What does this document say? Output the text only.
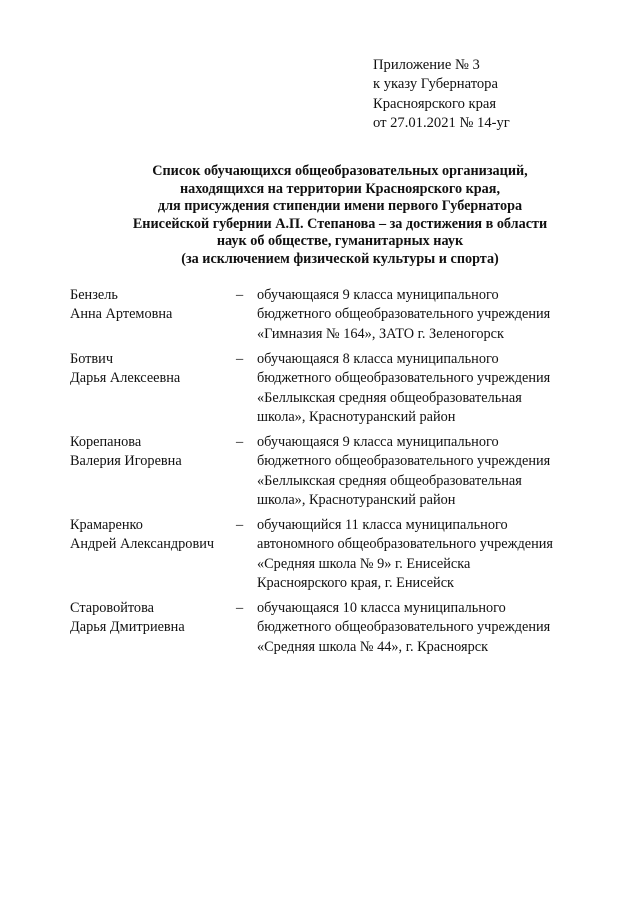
Приложение № 3
к указу Губернатора
Красноярского края
от 27.01.2021 № 14-уг
Список обучающихся общеобразовательных организаций,
находящихся на территории Красноярского края,
для присуждения стипендии имени первого Губернатора
Енисейской губернии А.П. Степанова – за достижения в области
наук об обществе, гуманитарных наук
(за исключением физической культуры и спорта)
Бензель
Анна Артемовна
– обучающаяся 9 класса муниципального
бюджетного общеобразовательного учреждения
«Гимназия № 164», ЗАТО г. Зеленогорск
Ботвич
Дарья Алексеевна
– обучающаяся 8 класса муниципального
бюджетного общеобразовательного учреждения
«Беллыкская средняя общеобразовательная
школа», Краснотуранский район
Корепанова
Валерия Игоревна
– обучающаяся 9 класса муниципального
бюджетного общеобразовательного учреждения
«Беллыкская средняя общеобразовательная
школа», Краснотуранский район
Крамаренко
Андрей Александрович
– обучающийся 11 класса муниципального
автономного общеобразовательного учреждения
«Средняя школа № 9» г. Енисейска
Красноярского края, г. Енисейск
Старовойтова
Дарья Дмитриевна
– обучающаяся 10 класса муниципального
бюджетного общеобразовательного учреждения
«Средняя школа № 44», г. Красноярск
